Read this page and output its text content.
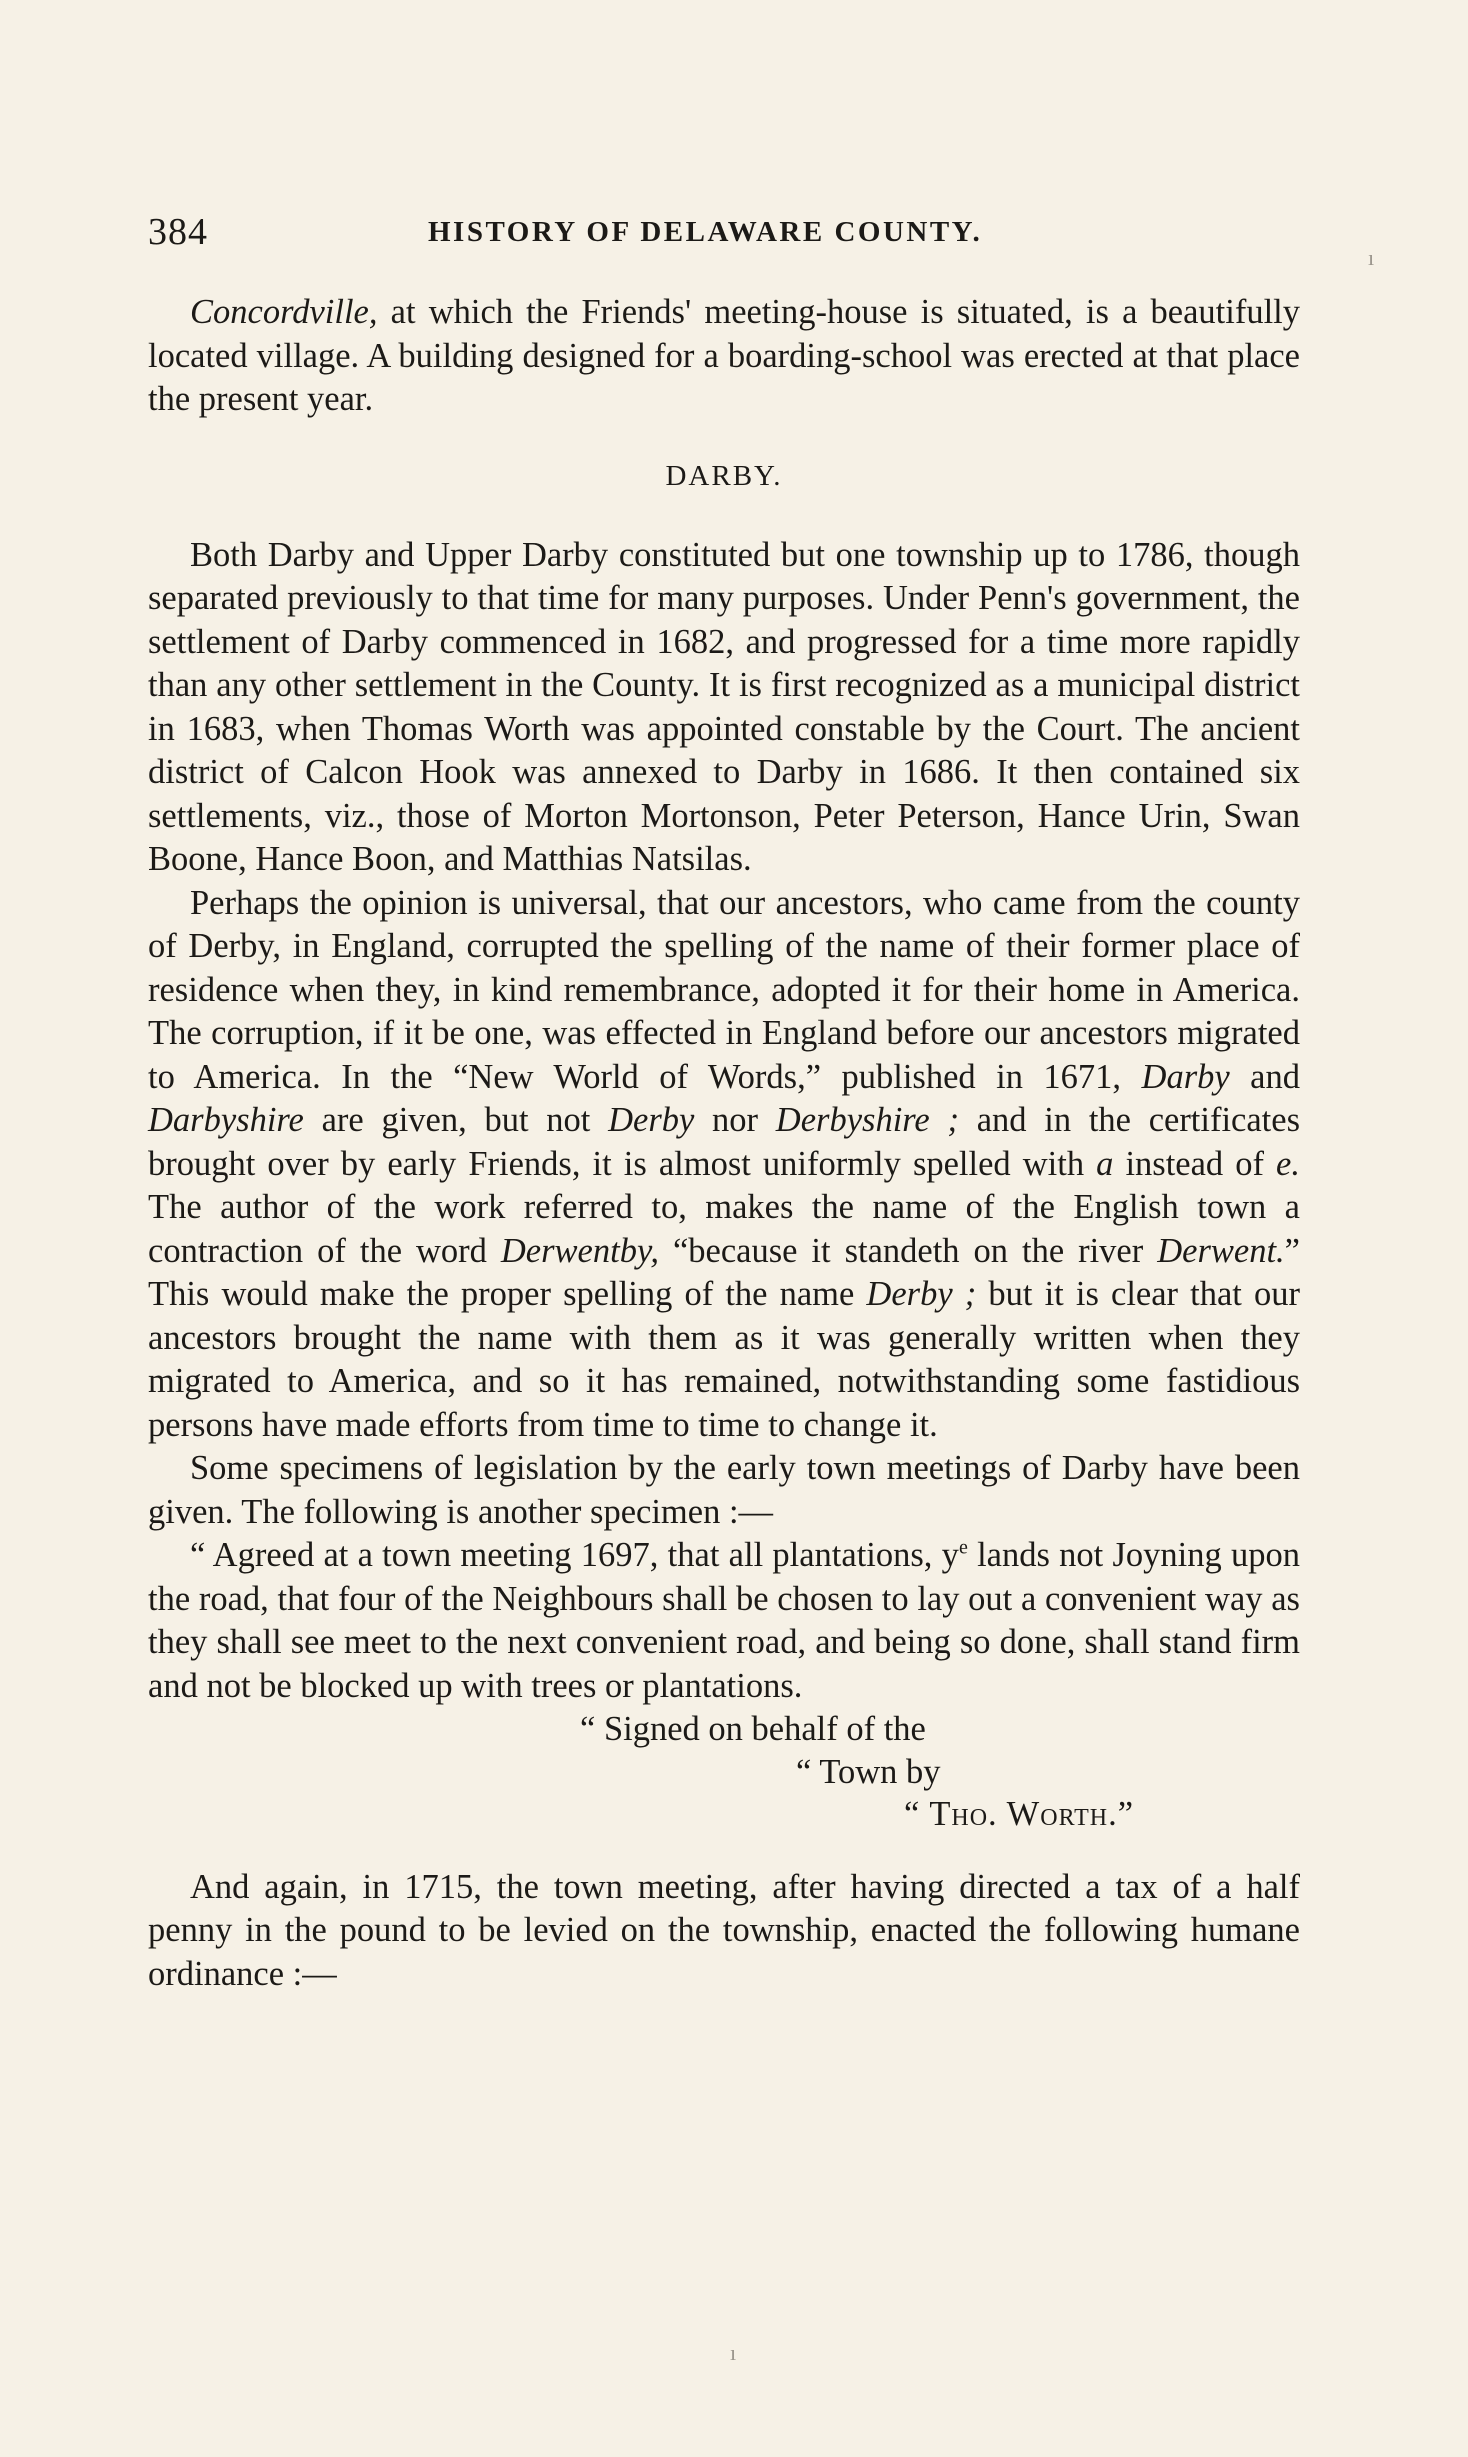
384	HISTORY OF DELAWARE COUNTY.

Concordville, at which the Friends' meeting-house is situated, is a beautifully located village. A building designed for a boarding-school was erected at that place the present year.

DARBY.

Both Darby and Upper Darby constituted but one township up to 1786, though separated previously to that time for many purposes. Under Penn's government, the settlement of Darby commenced in 1682, and progressed for a time more rapidly than any other settlement in the County. It is first recognized as a municipal district in 1683, when Thomas Worth was appointed constable by the Court. The ancient district of Calcon Hook was annexed to Darby in 1686. It then contained six settlements, viz., those of Morton Mortonson, Peter Peterson, Hance Urin, Swan Boone, Hance Boon, and Matthias Natsilas.

Perhaps the opinion is universal, that our ancestors, who came from the county of Derby, in England, corrupted the spelling of the name of their former place of residence when they, in kind remembrance, adopted it for their home in America. The corruption, if it be one, was effected in England before our ancestors migrated to America. In the “New World of Words,” published in 1671, Darby and Darbyshire are given, but not Derby nor Derbyshire ; and in the certificates brought over by early Friends, it is almost uniformly spelled with a instead of e. The author of the work referred to, makes the name of the English town a contraction of the word Derwentby, “because it standeth on the river Derwent.” This would make the proper spelling of the name Derby ; but it is clear that our ancestors brought the name with them as it was generally written when they migrated to America, and so it has remained, notwithstanding some fastidious persons have made efforts from time to time to change it.

Some specimens of legislation by the early town meetings of Darby have been given. The following is another specimen :—

“ Agreed at a town meeting 1697, that all plantations, $y^e$ lands not Joyning upon the road, that four of the Neighbours shall be chosen to lay out a convenient way as they shall see meet to the next convenient road, and being so done, shall stand firm and not be blocked up with trees or plantations.

“ Signed on behalf of the
“ Town by
“ Tho. Worth.”

And again, in 1715, the town meeting, after having directed a tax of a half penny in the pound to be levied on the township, enacted the following humane ordinance :—

ı
ı
